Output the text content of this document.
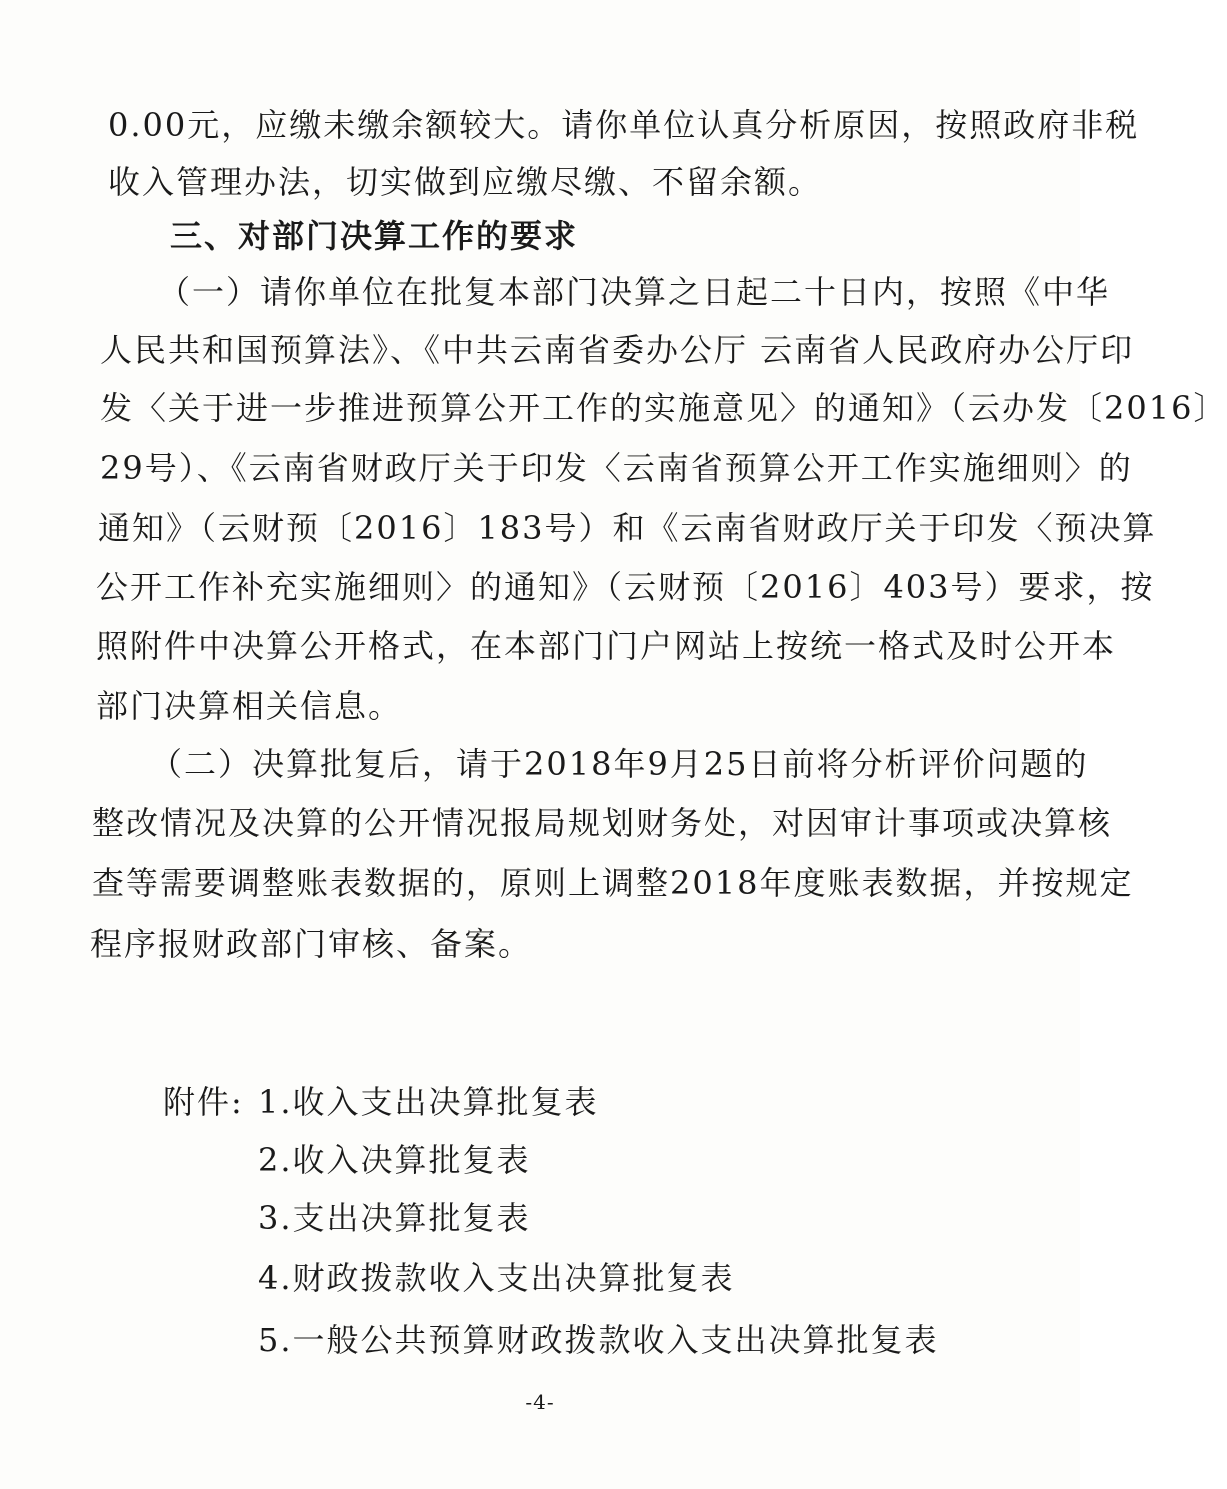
0.00元，应缴未缴余额较大。请你单位认真分析原因，按照政府非税
收入管理办法，切实做到应缴尽缴、不留余额。
三、对部门决算工作的要求
（一）请你单位在批复本部门决算之日起二十日内，按照《中华
人民共和国预算法》、《中共云南省委办公厅 云南省人民政府办公厅印
发〈关于进一步推进预算公开工作的实施意见〉的通知》（云办发〔2016〕
29号）、《云南省财政厅关于印发〈云南省预算公开工作实施细则〉的
通知》（云财预〔2016〕183号）和《云南省财政厅关于印发〈预决算
公开工作补充实施细则〉的通知》（云财预〔2016〕403号）要求，按
照附件中决算公开格式，在本部门门户网站上按统一格式及时公开本
部门决算相关信息。
（二）决算批复后，请于2018年9月25日前将分析评价问题的
整改情况及决算的公开情况报局规划财务处，对因审计事项或决算核
查等需要调整账表数据的，原则上调整2018年度账表数据，并按规定
程序报财政部门审核、备案。
附件: 1.收入支出决算批复表
2.收入决算批复表
3.支出决算批复表
4.财政拨款收入支出决算批复表
5.一般公共预算财政拨款收入支出决算批复表
-4-
